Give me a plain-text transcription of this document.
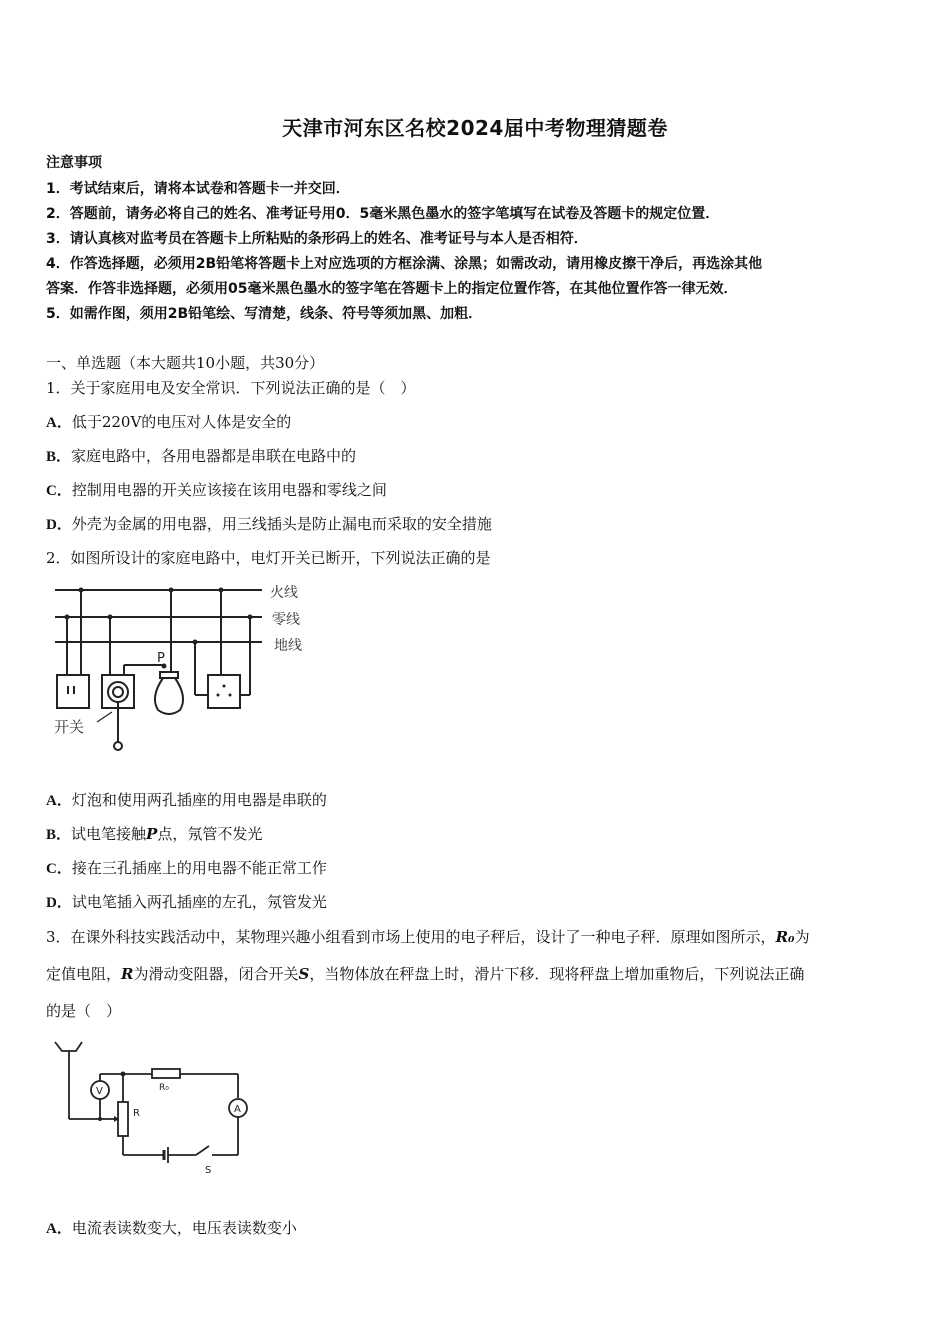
天津市河东区名校2024届中考物理猜题卷
注意事项
1．考试结束后，请将本试卷和答题卡一并交回．
2．答题前，请务必将自己的姓名、准考证号用0．5毫米黑色墨水的签字笔填写在试卷及答题卡的规定位置．
3．请认真核对监考员在答题卡上所粘贴的条形码上的姓名、准考证号与本人是否相符．
4．作答选择题，必须用2B铅笔将答题卡上对应选项的方框涂满、涂黑；如需改动，请用橡皮擦干净后，再选涂其他
答案．作答非选择题，必须用05毫米黑色墨水的签字笔在答题卡上的指定位置作答，在其他位置作答一律无效．
5．如需作图，须用2B铅笔绘、写清楚，线条、符号等须加黑、加粗．
一、单选题（本大题共10小题，共30分）
1．关于家庭用电及安全常识．下列说法正确的是（　）
A．低于220V的电压对人体是安全的
B．家庭电路中，各用电器都是串联在电路中的
C．控制用电器的开关应该接在该用电器和零线之间
D．外壳为金属的用电器，用三线插头是防止漏电而采取的安全措施
2．如图所设计的家庭电路中，电灯开关已断开，下列说法正确的是
火线
零线
地线
P
开关
A．灯泡和使用两孔插座的用电器是串联的
B．试电笔接触P点，氖管不发光
C．接在三孔插座上的用电器不能正常工作
D．试电笔插入两孔插座的左孔，氖管发光
3．在课外科技实践活动中，某物理兴趣小组看到市场上使用的电子秤后，设计了一种电子秤．原理如图所示，R₀为
定值电阻，R为滑动变阻器，闭合开关S，当物体放在秤盘上时，滑片下移．现将秤盘上增加重物后，下列说法正确
的是（　）
V
A
R₀
R
S
A．电流表读数变大，电压表读数变小
